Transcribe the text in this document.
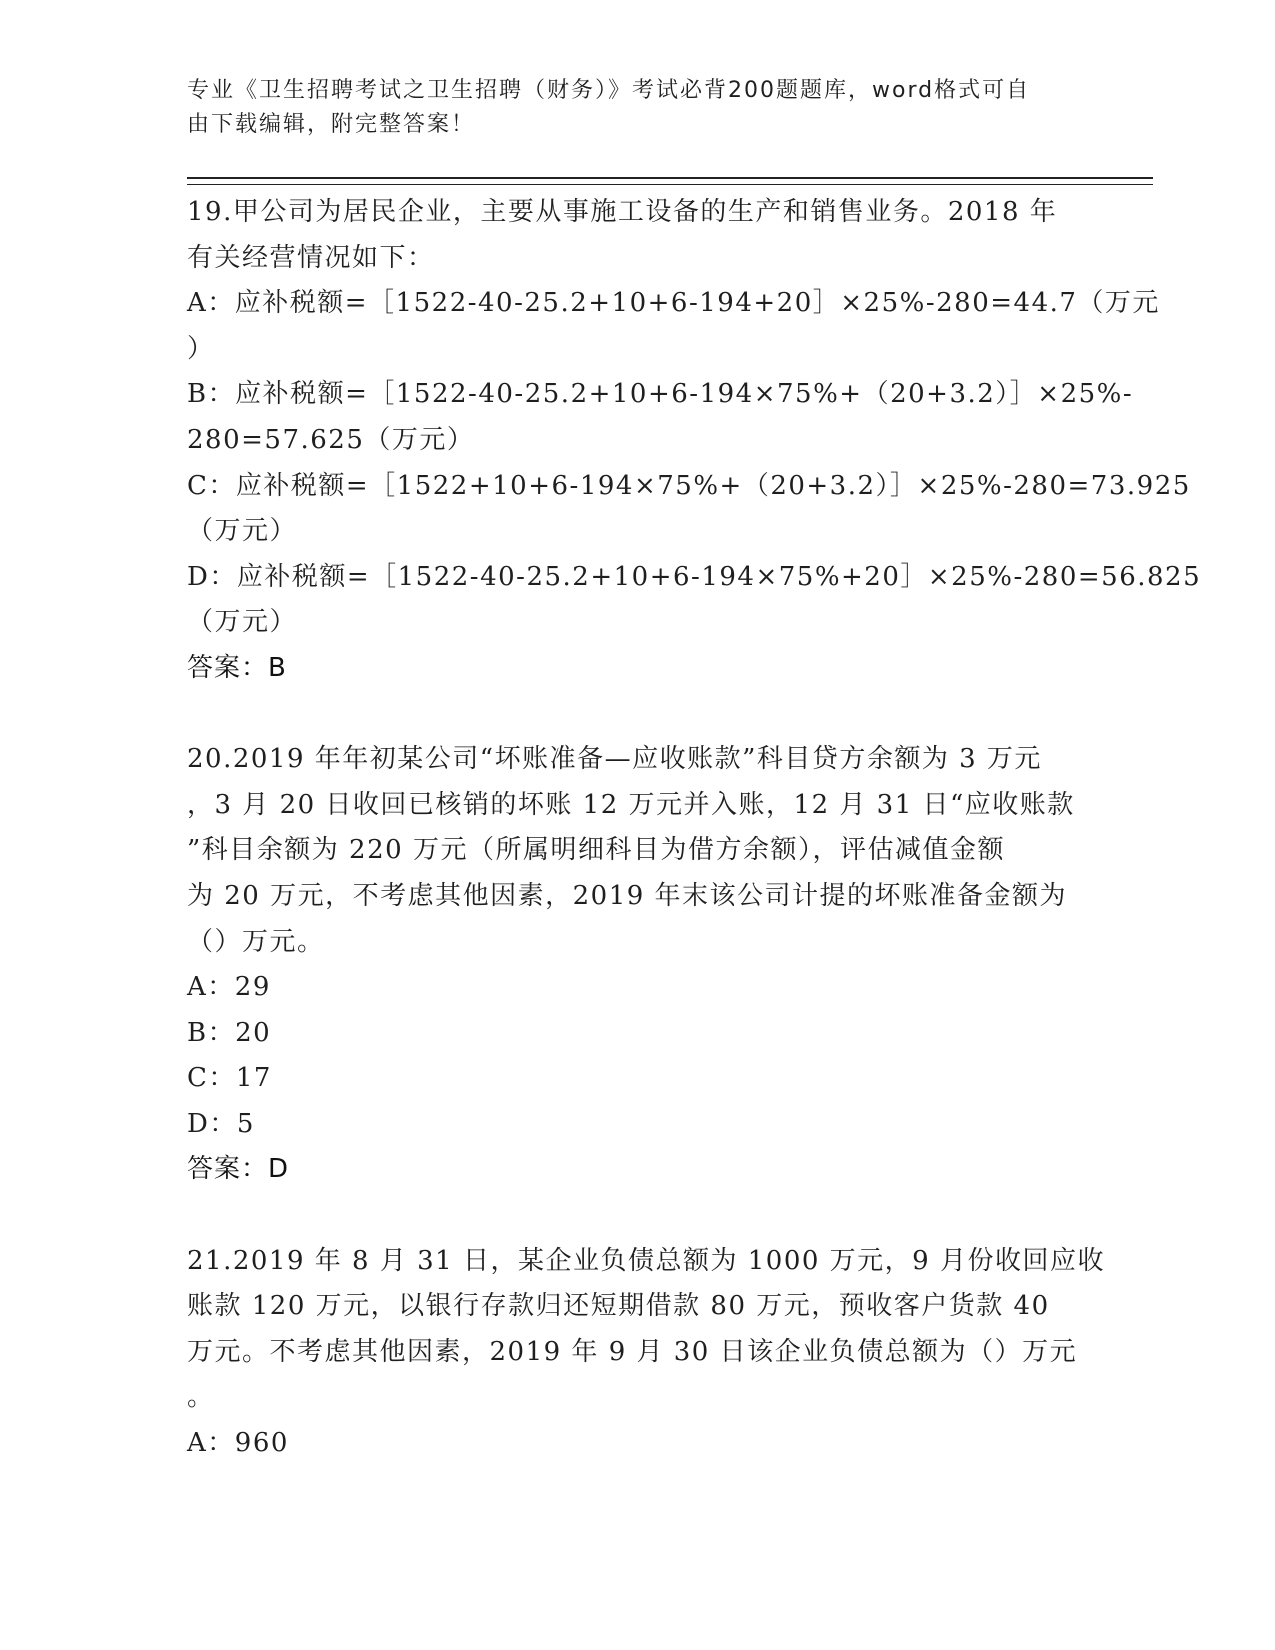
专业《卫生招聘考试之卫生招聘（财务）》考试必背200题题库，word格式可自
由下载编辑，附完整答案！
19.甲公司为居民企业，主要从事施工设备的生产和销售业务。2018 年
有关经营情况如下：
A：应补税额=［1522-40-25.2+10+6-194+20］×25%-280=44.7（万元
）
B：应补税额=［1522-40-25.2+10+6-194×75%+（20+3.2）］×25%-
280=57.625（万元）
C：应补税额=［1522+10+6-194×75%+（20+3.2）］×25%-280=73.925
（万元）
D：应补税额=［1522-40-25.2+10+6-194×75%+20］×25%-280=56.825
（万元）
答案：B
20.2019 年年初某公司“坏账准备—应收账款”科目贷方余额为 3 万元
，3 月 20 日收回已核销的坏账 12 万元并入账，12 月 31 日“应收账款
”科目余额为 220 万元（所属明细科目为借方余额），评估减值金额
为 20 万元，不考虑其他因素，2019 年末该公司计提的坏账准备金额为
（）万元。
A：29
B：20
C：17
D：5
答案：D
21.2019 年 8 月 31 日，某企业负债总额为 1000 万元，9 月份收回应收
账款 120 万元，以银行存款归还短期借款 80 万元，预收客户货款 40
万元。不考虑其他因素，2019 年 9 月 30 日该企业负债总额为（）万元
。
A：960
